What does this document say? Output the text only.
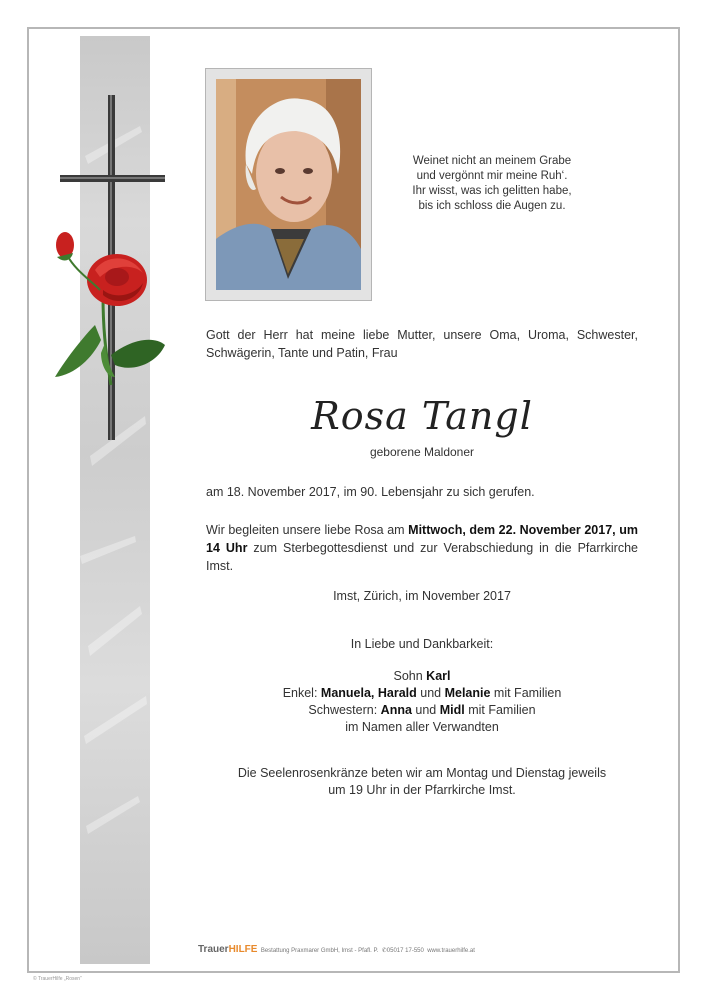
Weinet nicht an meinem Grabe
und vergönnt mir meine Ruh‘.
Ihr wisst, was ich gelitten habe,
bis ich schloss die Augen zu.
Gott der Herr hat meine liebe Mutter, unsere Oma, Uroma, Schwester, Schwägerin, Tante und Patin, Frau
Rosa Tangl
geborene Maldoner
am 18. November 2017, im 90. Lebensjahr zu sich gerufen.
Wir begleiten unsere liebe Rosa am Mittwoch, dem 22. November 2017, um 14 Uhr zum Sterbegottesdienst und zur Verabschiedung in die Pfarrkirche Imst.
Imst, Zürich, im November 2017
In Liebe und Dankbarkeit:
Sohn Karl
Enkel: Manuela, Harald und Melanie mit Familien
Schwestern: Anna und Midl mit Familien
im Namen aller Verwandten
Die Seelenrosenkränze beten wir am Montag und Dienstag jeweils
um 19 Uhr in der Pfarrkirche Imst.
TrauerHILFE Bestattung Praxmarer GmbH, Imst - Pfafl. P. ✆05017 17-550 www.trauerhilfe.at
© TrauerHilfe „Rosen“
